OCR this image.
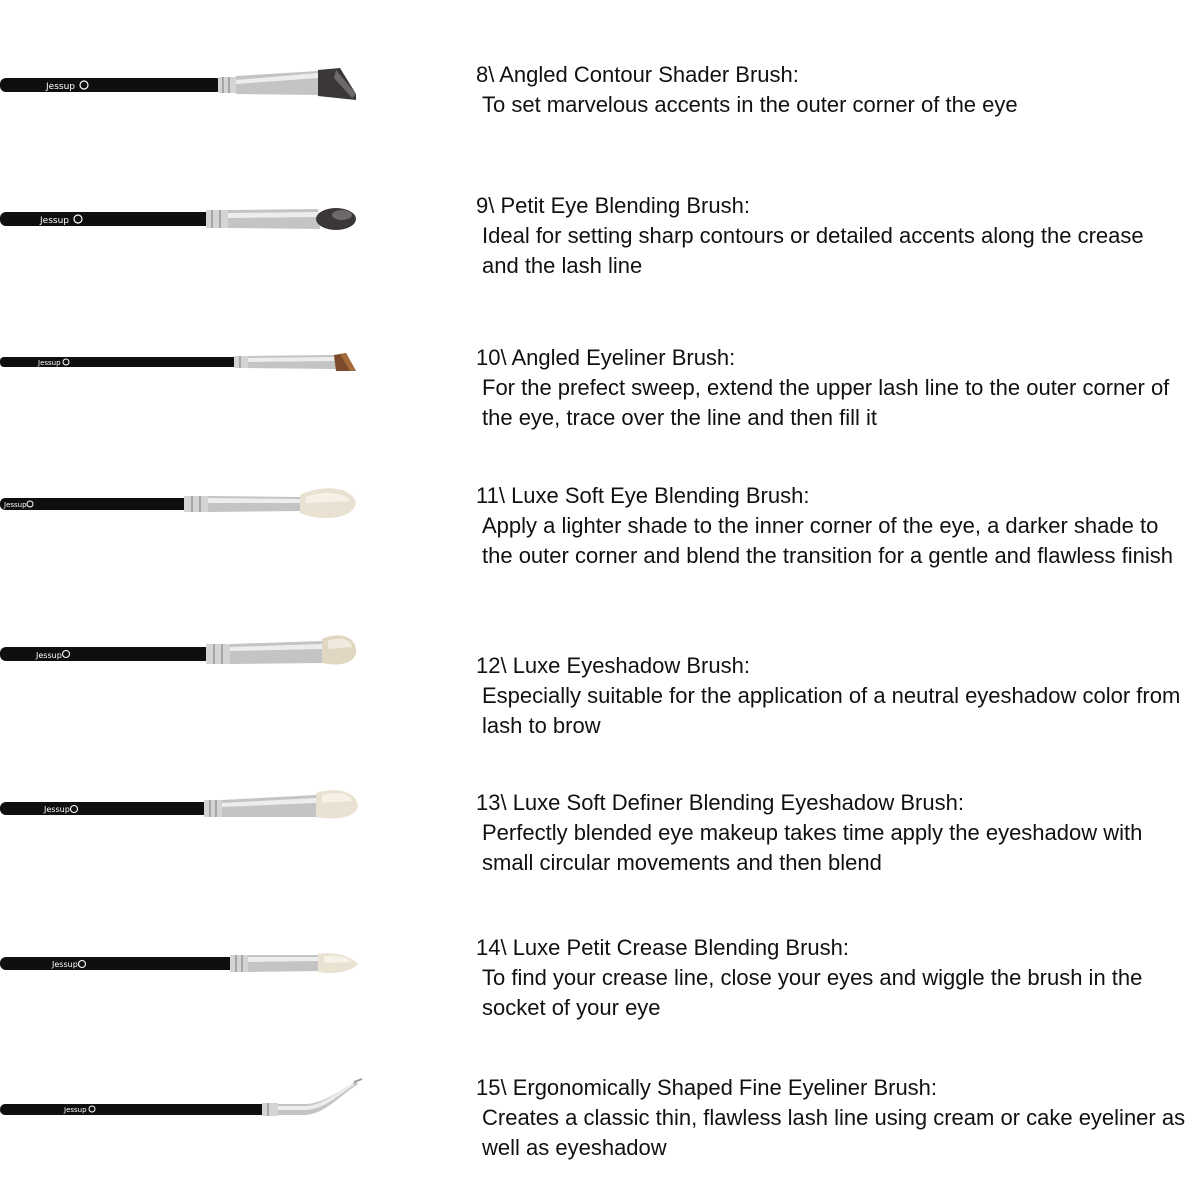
Jessup	8\ Angled Contour Shader Brush:

To set marvelous accents in the outer corner of the eye

Jessup

9\ Petit Eye Blending Brush:

Ideal for setting sharp contours or detailed accents along the crease and the lash line

Jessup	10\ Angled Eyeliner Brush:

For the prefect sweep, extend the upper lash line to the outer corner of the eye, trace over the line and then fill it

Jessup	11\ Luxe Soft Eye Blending Brush:

Apply a lighter shade to the inner corner of the eye, a darker shade to the outer corner and blend the transition for a gentle and flawless finish

Jessup	12\ Luxe Eyeshadow Brush:

Especially suitable for the application of a neutral eyeshadow color from lash to brow

Jessup	13\ Luxe Soft Definer Blending Eyeshadow Brush:

Perfectly blended eye makeup takes time apply the eyeshadow with small circular movements and then blend

Jessup

14\ Luxe Petit Crease Blending Brush:

To find your crease line, close your eyes and wiggle the brush in the socket of your eye

Jessup

15\ Ergonomically Shaped Fine Eyeliner Brush:

Creates a classic thin, flawless lash line using cream or cake eyeliner as well as eyeshadow
